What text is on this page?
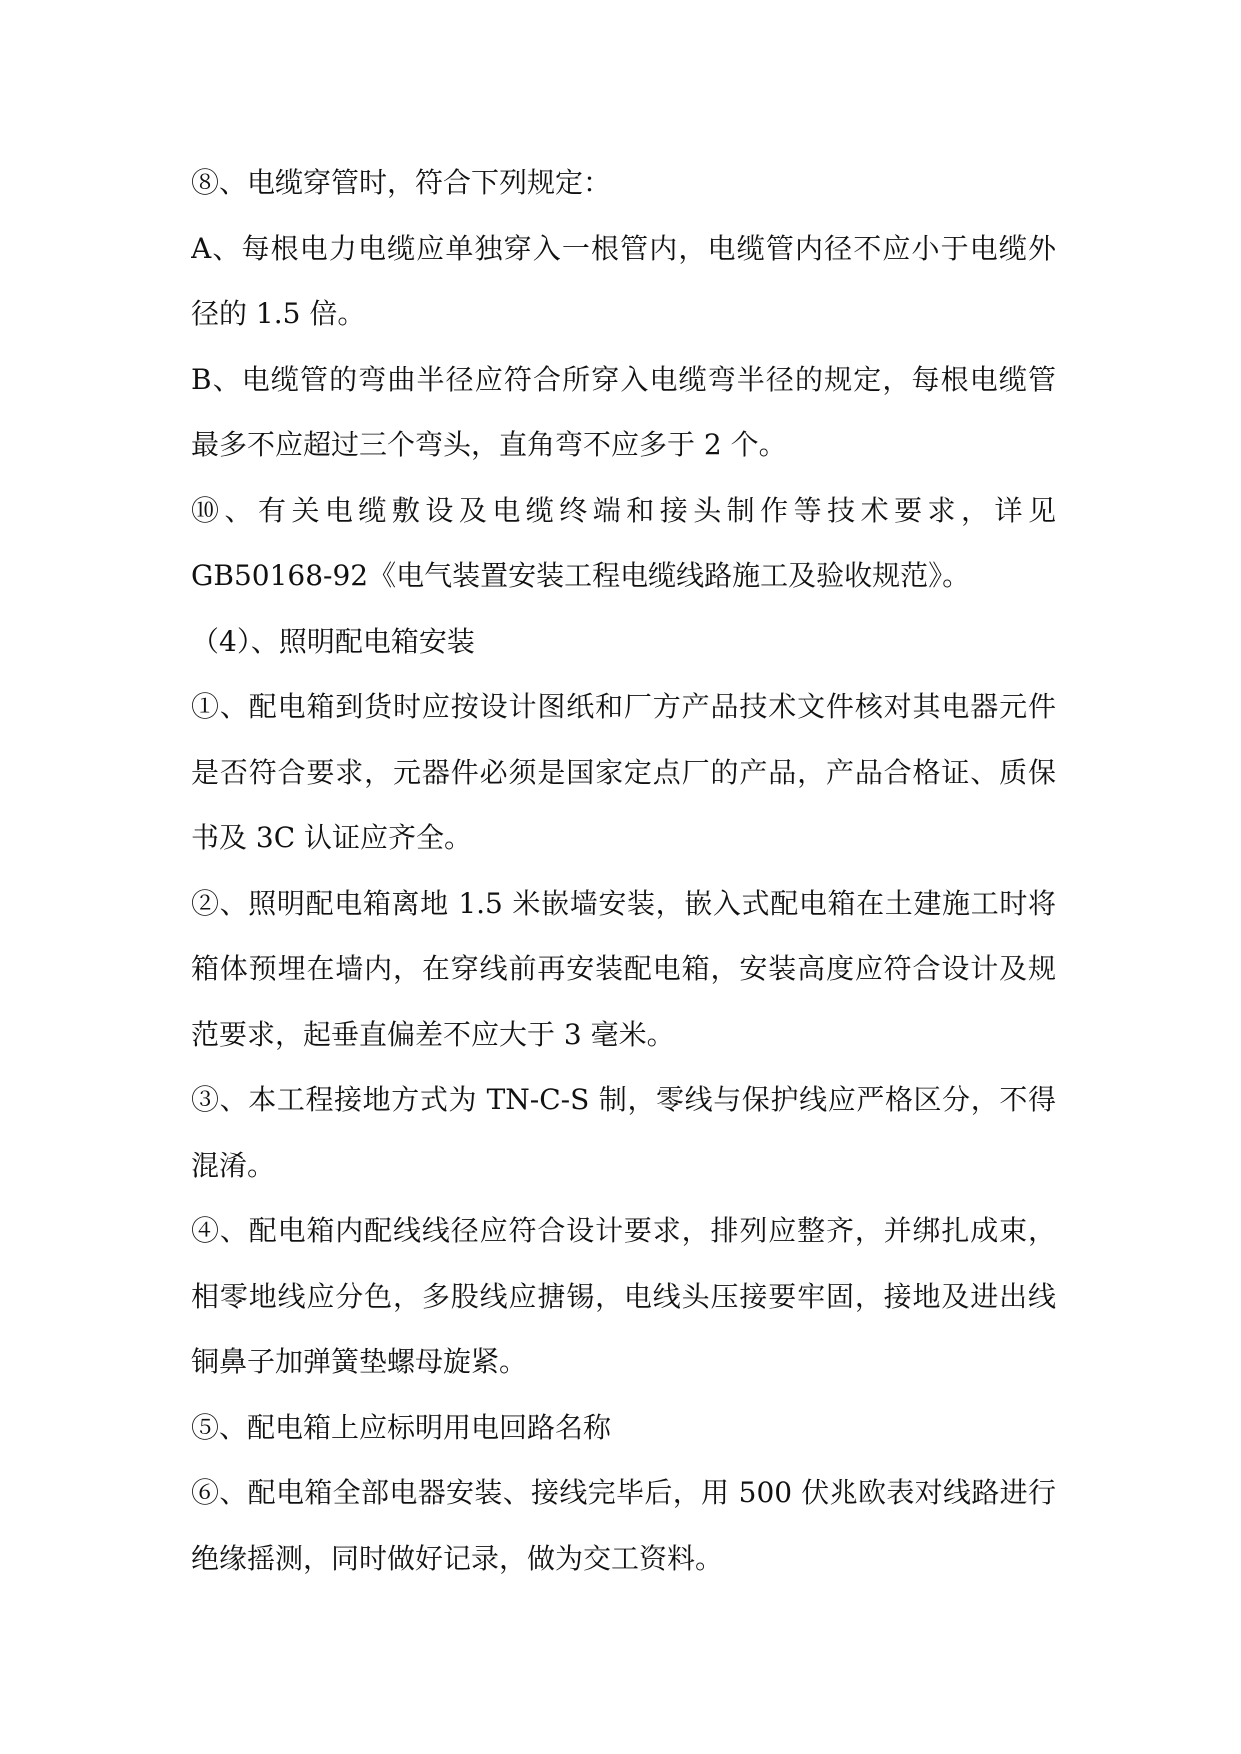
⑧、电缆穿管时，符合下列规定：
A、每根电力电缆应单独穿入一根管内，电缆管内径不应小于电缆外
径的 1.5 倍。
B、电缆管的弯曲半径应符合所穿入电缆弯半径的规定，每根电缆管
最多不应超过三个弯头，直角弯不应多于 2 个。
⑩、有关电缆敷设及电缆终端和接头制作等技术要求，详见
GB50168-92《电气装置安装工程电缆线路施工及验收规范》。
（4）、照明配电箱安装
①、配电箱到货时应按设计图纸和厂方产品技术文件核对其电器元件
是否符合要求，元器件必须是国家定点厂的产品，产品合格证、质保
书及 3C 认证应齐全。
②、照明配电箱离地 1.5 米嵌墙安装，嵌入式配电箱在土建施工时将
箱体预埋在墙内，在穿线前再安装配电箱，安装高度应符合设计及规
范要求，起垂直偏差不应大于 3 毫米。
③、本工程接地方式为 TN-C-S 制，零线与保护线应严格区分，不得
混淆。
④、配电箱内配线线径应符合设计要求，排列应整齐，并绑扎成束，
相零地线应分色，多股线应搪锡，电线头压接要牢固，接地及进出线
铜鼻子加弹簧垫螺母旋紧。
⑤、配电箱上应标明用电回路名称
⑥、配电箱全部电器安装、接线完毕后，用 500 伏兆欧表对线路进行
绝缘摇测，同时做好记录，做为交工资料。
